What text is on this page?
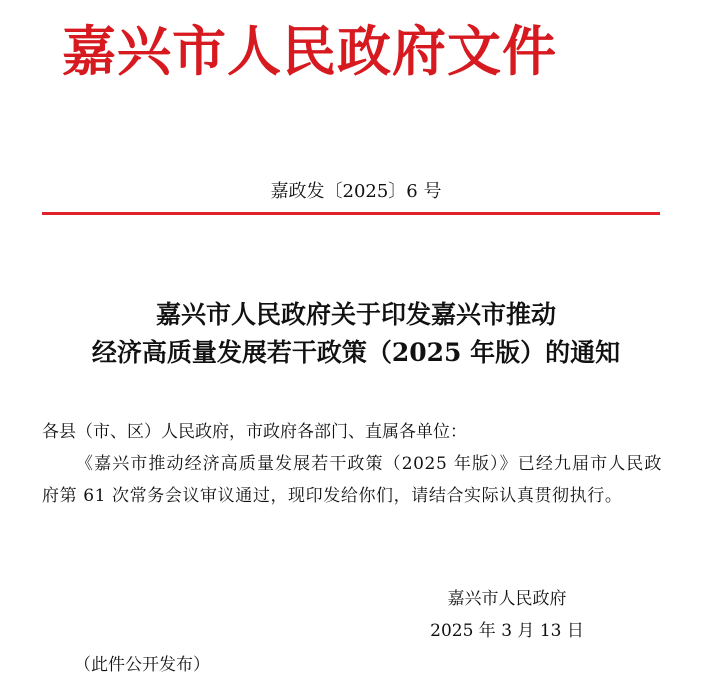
嘉兴市人民政府文件
嘉政发〔2025〕6 号
嘉兴市人民政府关于印发嘉兴市推动
经济高质量发展若干政策（2025 年版）的通知
各县（市、区）人民政府，市政府各部门、直属各单位：
《嘉兴市推动经济高质量发展若干政策（2025 年版）》已经九届市人民政府第 61 次常务会议审议通过，现印发给你们，请结合实际认真贯彻执行。
嘉兴市人民政府
2025 年 3 月 13 日
（此件公开发布）
